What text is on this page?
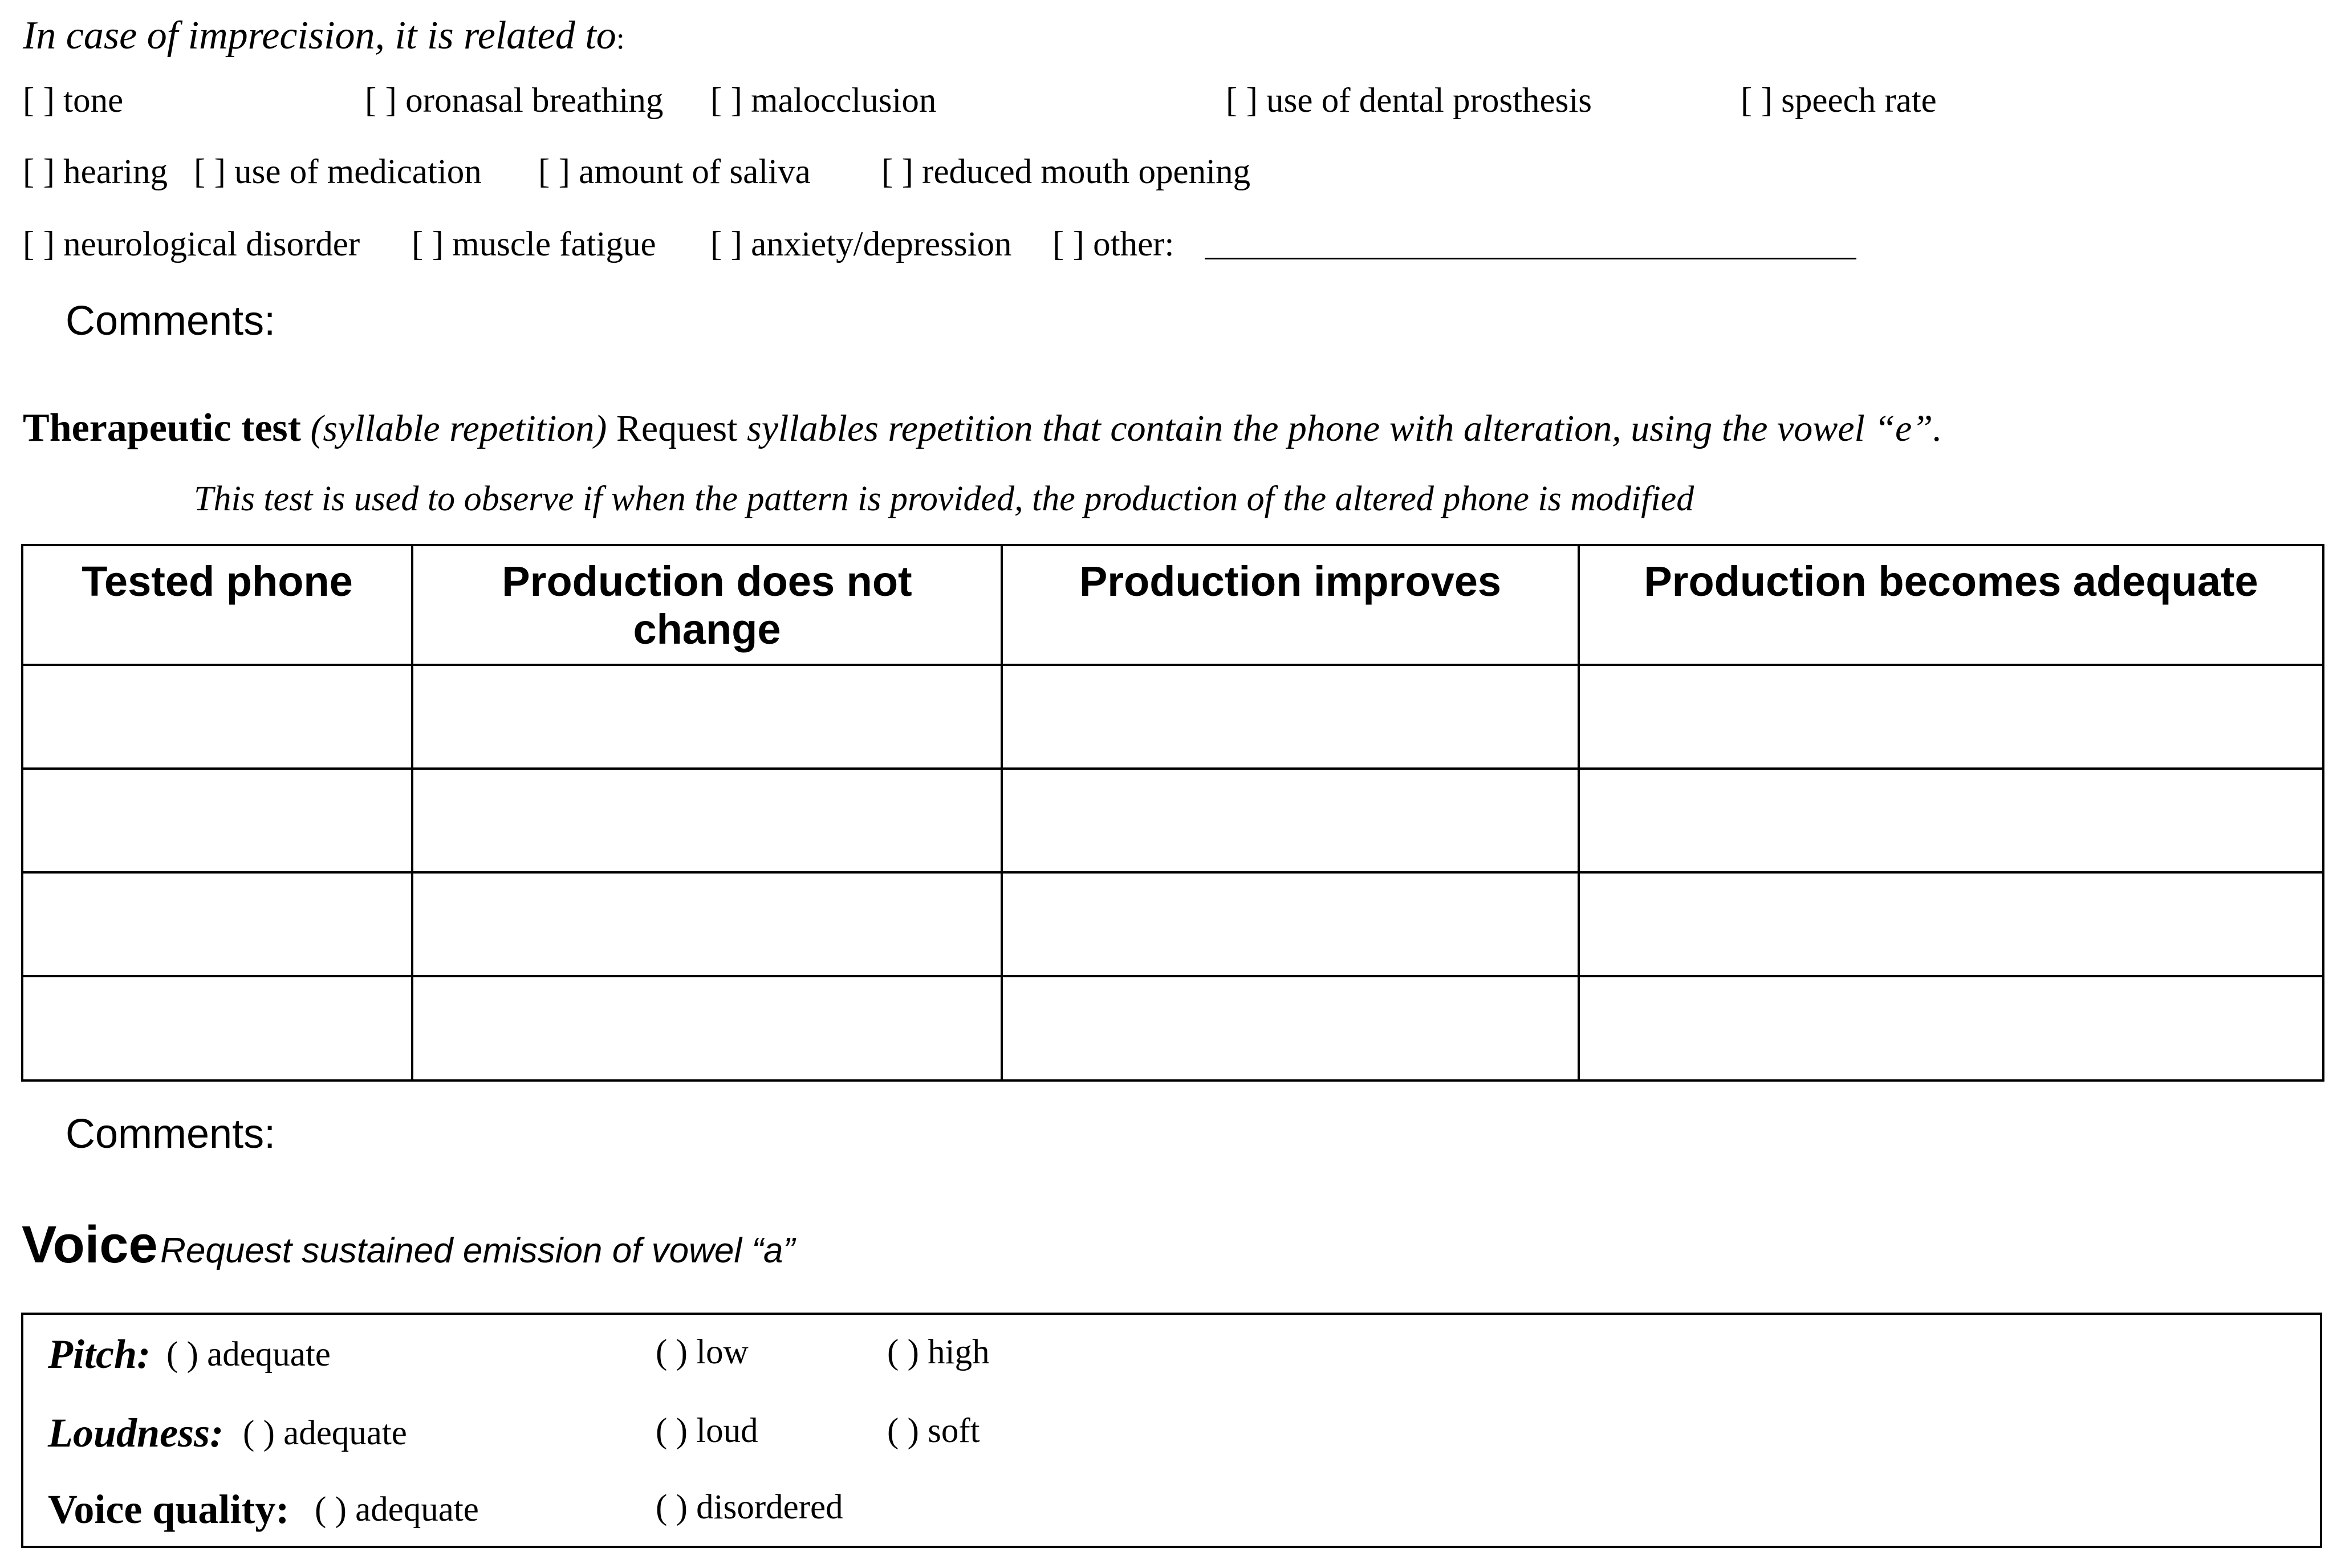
In case of imprecision, it is related to:
[ ] tone	[ ] oronasal breathing [ ] malocclusion	[ ] use of dental prosthesis	[ ] speech rate
[ ] hearing [ ] use of medication [ ] amount of saliva [ ] reduced mouth opening
[ ] neurological disorder [ ] muscle fatigue [ ] anxiety/depression [ ] other:
Comments:
Therapeutic test (syllable repetition) Request syllables repetition that contain the phone with alteration, using the vowel “e”.
This test is used to observe if when the pattern is provided, the production of the altered phone is modified
Tested phone	Production does not change	Production improves	Production becomes adequate

Comments:
Voice Request sustained emission of vowel “a”
Pitch: ( ) adequate	( ) low	( ) high
Loudness: ( ) adequate	( ) loud	( ) soft
Voice quality: ( ) adequate	( ) disordered
